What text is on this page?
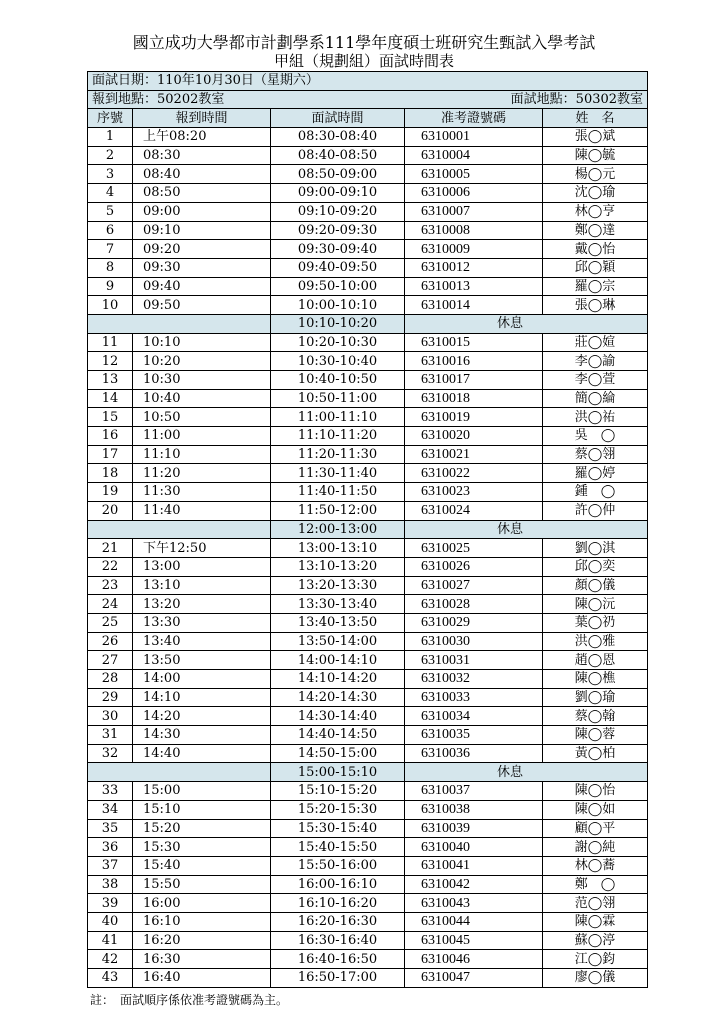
國立成功大學都市計劃學系111學年度碩士班研究生甄試入學考試
甲組（規劃組）面試時間表
面試日期：110年10月30日（星期六）				

面試地點：50302教室
報到地點：50202教室				
序號	報到時間	面試時間	准考證號碼	姓　名
1	上午08:20	08:30-08:40	6310001	張◯斌
2	08:30	08:40-08:50	6310004	陳◯毓
3	08:40	08:50-09:00	6310005	楊◯元
4	08:50	09:00-09:10	6310006	沈◯瑜
5	09:00	09:10-09:20	6310007	林◯亨
6	09:10	09:20-09:30	6310008	鄭◯達
7	09:20	09:30-09:40	6310009	戴◯怡
8	09:30	09:40-09:50	6310012	邱◯穎
9	09:40	09:50-10:00	6310013	羅◯宗
10	09:50	10:00-10:10	6310014	張◯琳
		10:10-10:20	休息	
11	10:10	10:20-10:30	6310015	莊◯媗
12	10:20	10:30-10:40	6310016	李◯諭
13	10:30	10:40-10:50	6310017	李◯萱
14	10:40	10:50-11:00	6310018	簡◯綸
15	10:50	11:00-11:10	6310019	洪◯祐
16	11:00	11:10-11:20	6310020	吳　◯
17	11:10	11:20-11:30	6310021	蔡◯翎
18	11:20	11:30-11:40	6310022	羅◯婷
19	11:30	11:40-11:50	6310023	鍾　◯
20	11:40	11:50-12:00	6310024	許◯仲
		12:00-13:00	休息	
21	下午12:50	13:00-13:10	6310025	劉◯淇
22	13:00	13:10-13:20	6310026	邱◯奕
23	13:10	13:20-13:30	6310027	顏◯儀
24	13:20	13:30-13:40	6310028	陳◯沅
25	13:30	13:40-13:50	6310029	葉◯礽
26	13:40	13:50-14:00	6310030	洪◯雅
27	13:50	14:00-14:10	6310031	趙◯恩
28	14:00	14:10-14:20	6310032	陳◯樵
29	14:10	14:20-14:30	6310033	劉◯瑜
30	14:20	14:30-14:40	6310034	蔡◯翰
31	14:30	14:40-14:50	6310035	陳◯蓉
32	14:40	14:50-15:00	6310036	黃◯柏
		15:00-15:10	休息	
33	15:00	15:10-15:20	6310037	陳◯怡
34	15:10	15:20-15:30	6310038	陳◯如
35	15:20	15:30-15:40	6310039	顧◯平
36	15:30	15:40-15:50	6310040	謝◯純
37	15:40	15:50-16:00	6310041	林◯蕎
38	15:50	16:00-16:10	6310042	鄭　◯
39	16:00	16:10-16:20	6310043	范◯翎
40	16:10	16:20-16:30	6310044	陳◯霖
41	16:20	16:30-16:40	6310045	蘇◯渟
42	16:30	16:40-16:50	6310046	江◯鈞
43	16:40	16:50-17:00	6310047	廖◯儀
註：　面試順序係依准考證號碼為主。
